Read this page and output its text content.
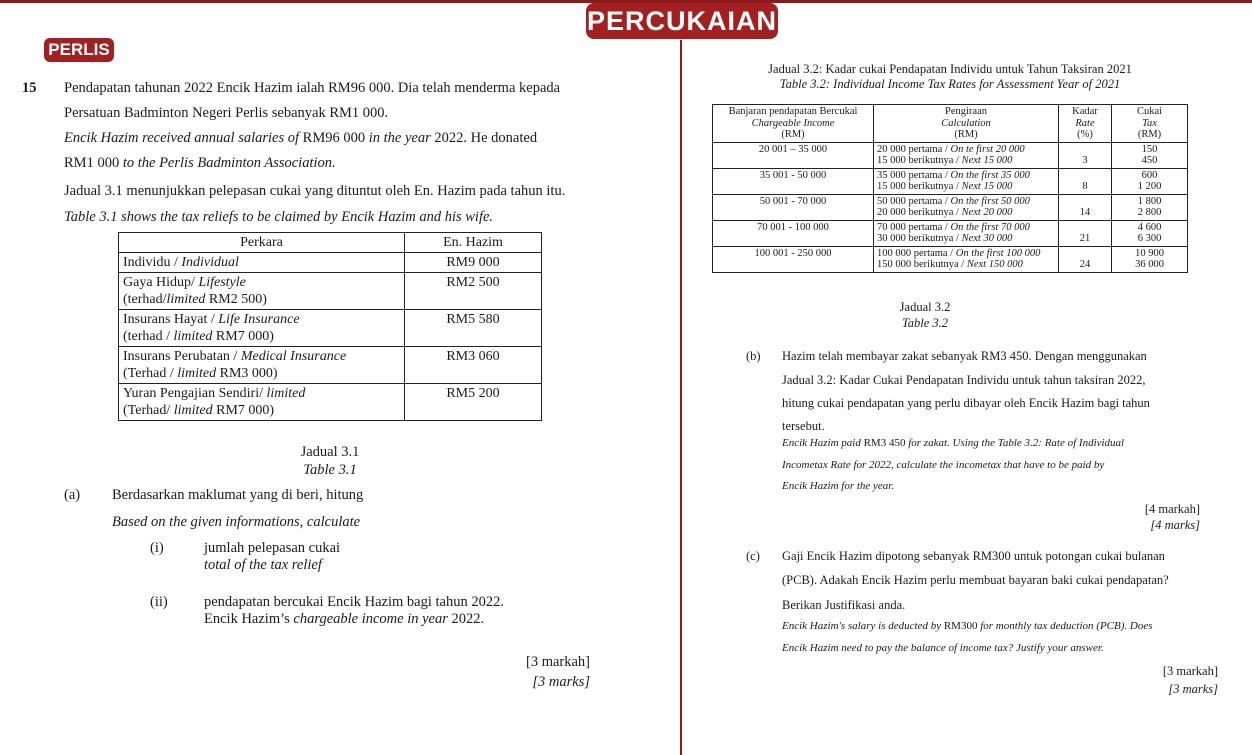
PERCUKAIAN
PERLIS
15 Pendapatan tahunan 2022 Encik Hazim ialah RM96 000. Dia telah menderma kepada
Persatuan Badminton Negeri Perlis sebanyak RM1 000.
Encik Hazim received annual salaries of RM96 000 in the year 2022. He donated
RM1 000 to the Perlis Badminton Association.
Jadual 3.1 menunjukkan pelepasan cukai yang dituntut oleh En. Hazim pada tahun itu.
Table 3.1 shows the tax reliefs to be claimed by Encik Hazim and his wife.
Perkara	En. Hazim
Individu / Individual	RM9 000
Gaya Hidup/ Lifestyle
(terhad/limited RM2 500)	RM2 500
Insurans Hayat / Life Insurance
(terhad / limited RM7 000)	RM5 580
Insurans Perubatan / Medical Insurance
(Terhad / limited RM3 000)	RM3 060
Yuran Pengajian Sendiri/ limited
(Terhad/ limited RM7 000)	RM5 200
Jadual 3.1
Table 3.1
(a) Berdasarkan maklumat yang di beri, hitung
Based on the given informations, calculate
(i)	jumlah pelepasan cukai
total of the tax relief
(ii)	pendapatan bercukai Encik Hazim bagi tahun 2022.
Encik Hazim’s chargeable income in year 2022.
[3 markah]
[3 marks]
Jadual 3.2: Kadar cukai Pendapatan Individu untuk Tahun Taksiran 2021
Table 3.2: Individual Income Tax Rates for Assessment Year of 2021
Banjaran pendapatan Bercukai
Chargeable Income
(RM)	Pengiraan
Calculation
(RM)	Kadar
Rate
(%)	Cukai
Tax
(RM)
20 001 – 35 000	20 000 pertama / On te first 20 000
15 000 berikutnya / Next 15 000	3	150
450
35 001 - 50 000	35 000 pertama / On the first 35 000
15 000 berikutnya / Next 15 000	8	600
1 200
50 001 - 70 000	50 000 pertama / On the first 50 000
20 000 berikutnya / Next 20 000	14	1 800
2 800
70 001 - 100 000	70 000 pertama / On the first 70 000
30 000 berikutnya / Next 30 000	21	4 600
6 300
100 001 - 250 000	100 000 pertama / On the first 100 000
150 000 berikutnya / Next 150 000	24	10 900
36 000
Jadual 3.2
Table 3.2
(b) Hazim telah membayar zakat sebanyak RM3 450. Dengan menggunakan
Jadual 3.2: Kadar Cukai Pendapatan Individu untuk tahun taksiran 2022,
hitung cukai pendapatan yang perlu dibayar oleh Encik Hazim bagi tahun
tersebut.
Encik Hazim paid RM3 450 for zakat. Using the Table 3.2: Rate of Individual
Incometax Rate for 2022, calculate the incometax that have to be paid by
Encik Hazim for the year.
[4 markah]
[4 marks]
(c) Gaji Encik Hazim dipotong sebanyak RM300 untuk potongan cukai bulanan
(PCB). Adakah Encik Hazim perlu membuat bayaran baki cukai pendapatan?
Berikan Justifikasi anda.
Encik Hazim's salary is deducted by RM300 for monthly tax deduction (PCB). Does
Encik Hazim need to pay the balance of income tax? Justify your answer.
[3 markah]
[3 marks]
